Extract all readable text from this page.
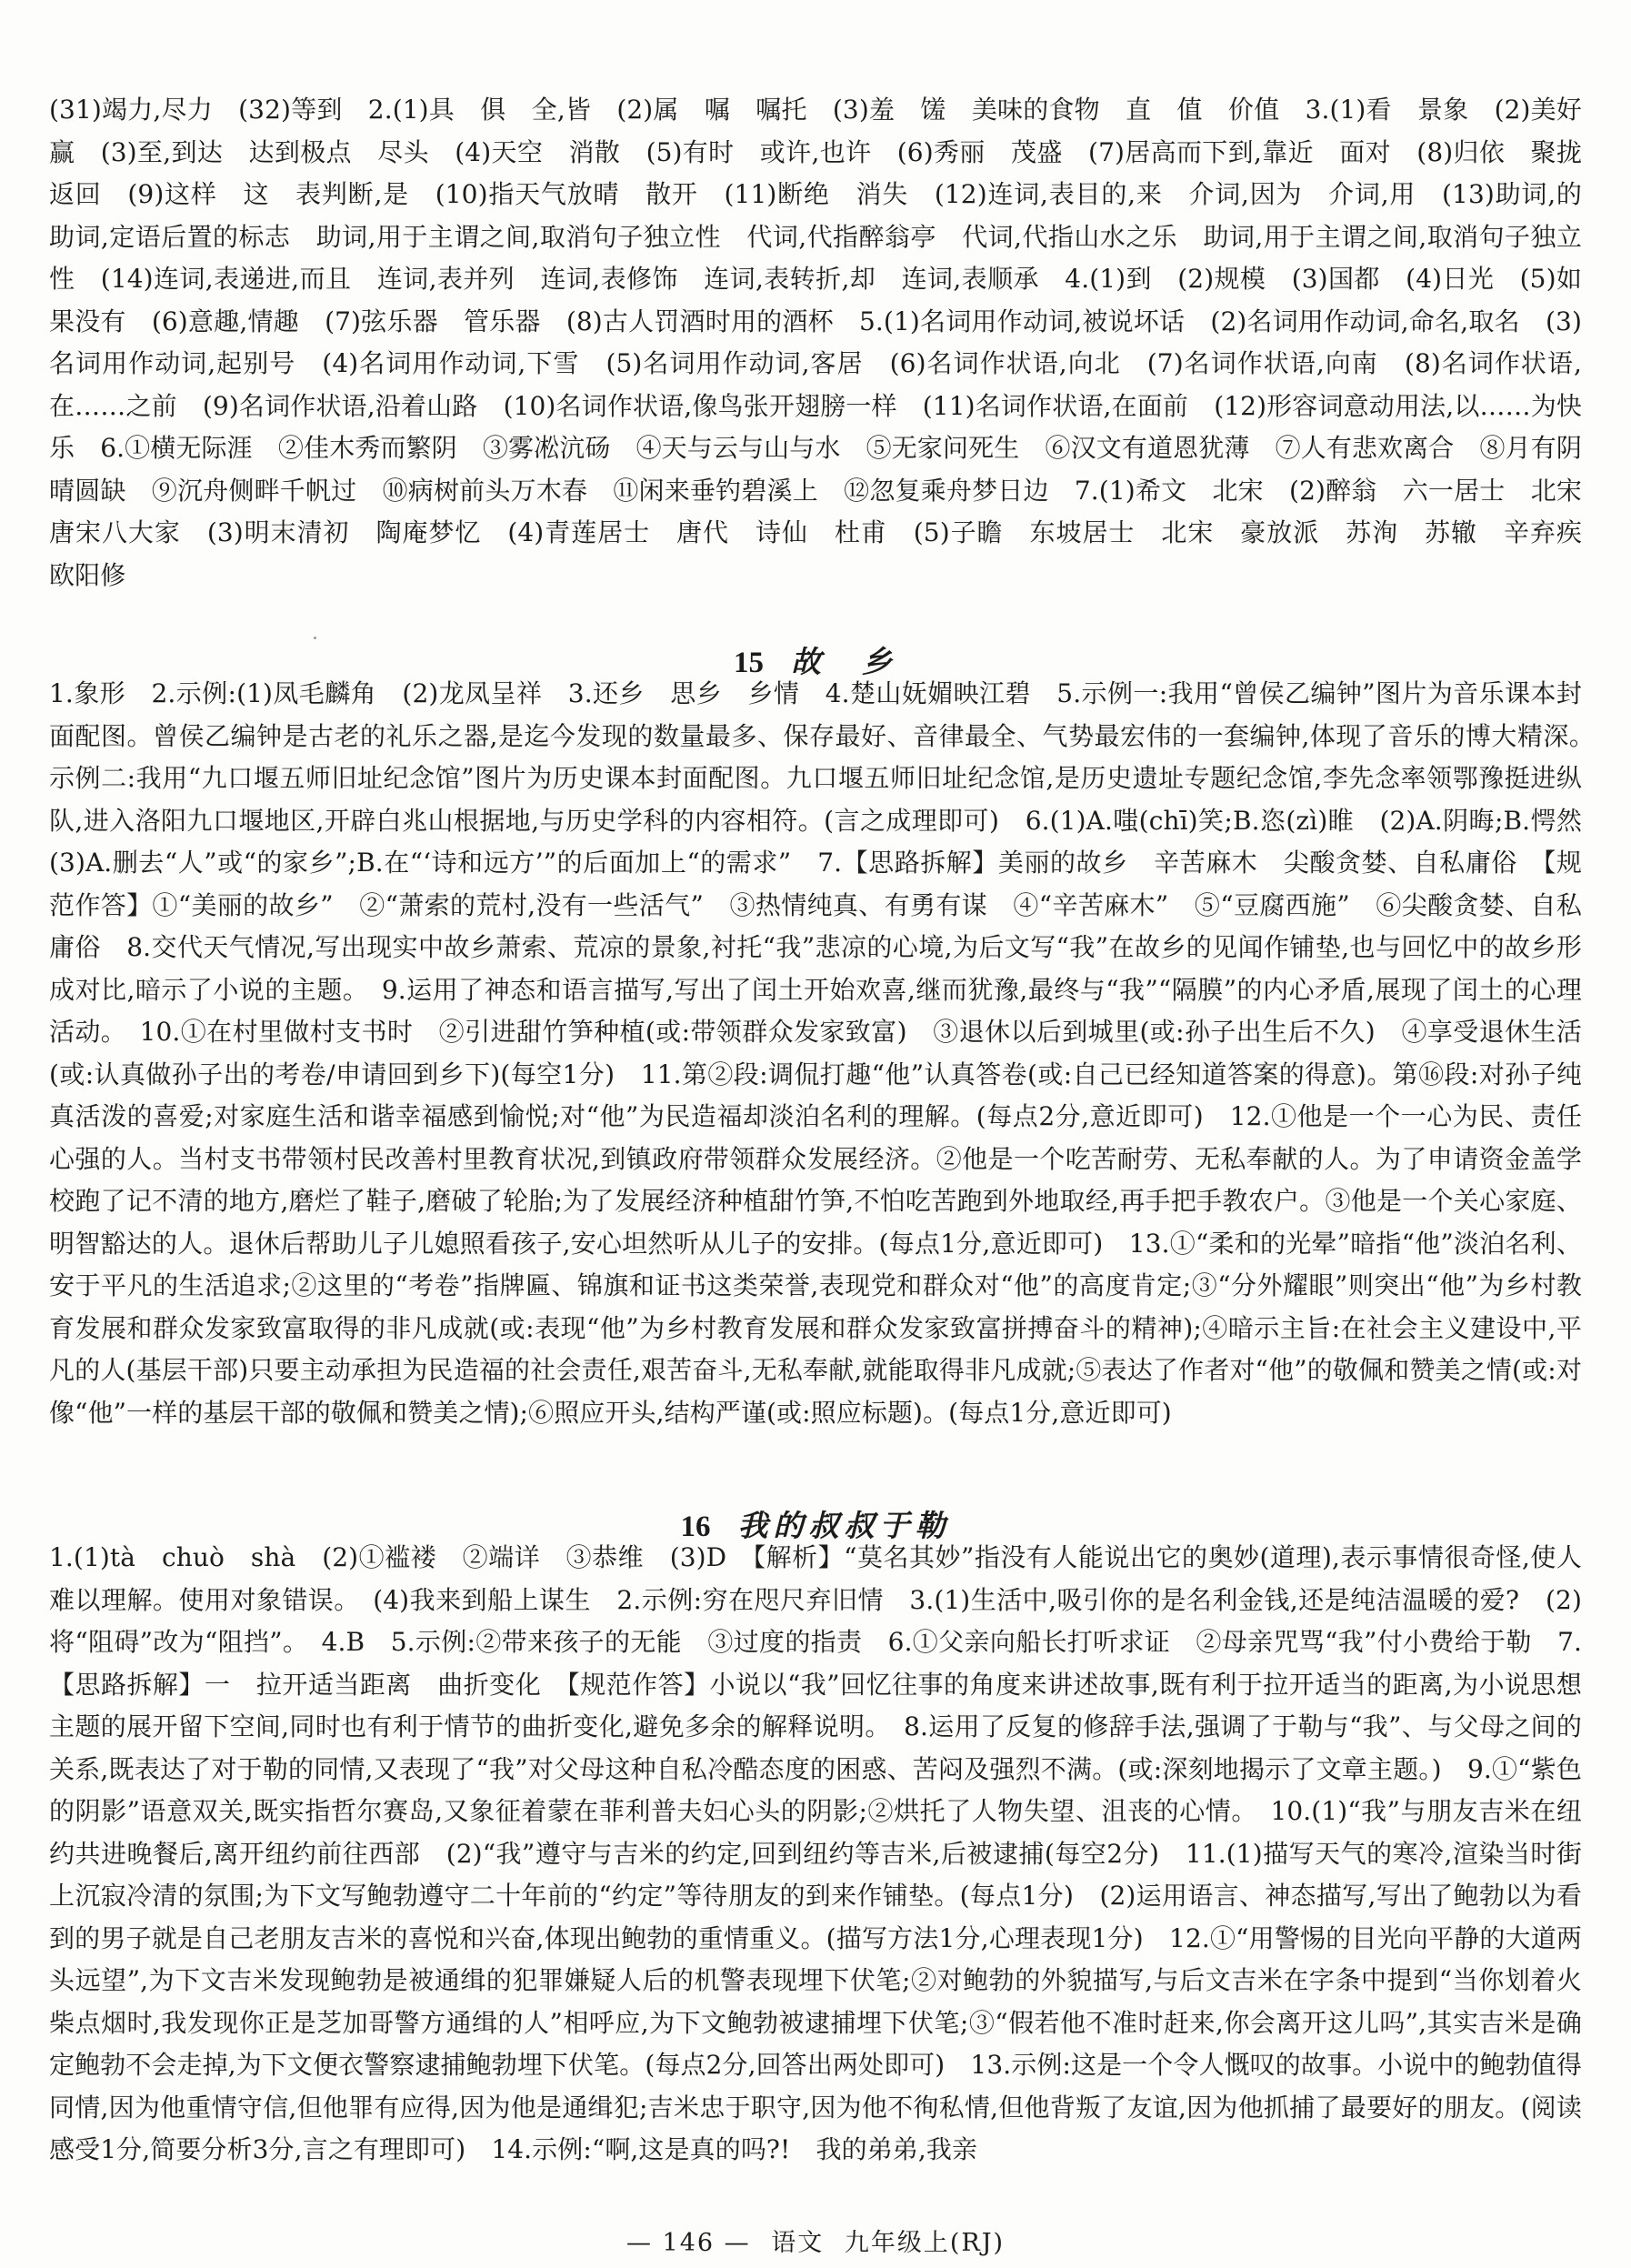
(31)竭力,尽力　(32)等到　2.(1)具　俱　全,皆　(2)属　嘱　嘱托　(3)羞　馐　美味的食物　直　值　价值　3.(1)看　景象　(2)美好　赢　(3)至,到达　达到极点　尽头　(4)天空　消散　(5)有时　或许,也许　(6)秀丽　茂盛　(7)居高而下到,靠近　面对　(8)归依　聚拢　返回　(9)这样　这　表判断,是　(10)指天气放晴　散开　(11)断绝　消失　(12)连词,表目的,来　介词,因为　介词,用　(13)助词,的　助词,定语后置的标志　助词,用于主谓之间,取消句子独立性　代词,代指醉翁亭　代词,代指山水之乐　助词,用于主谓之间,取消句子独立性　(14)连词,表递进,而且　连词,表并列　连词,表修饰　连词,表转折,却　连词,表顺承　4.(1)到　(2)规模　(3)国都　(4)日光　(5)如果没有　(6)意趣,情趣　(7)弦乐器　管乐器　(8)古人罚酒时用的酒杯　5.(1)名词用作动词,被说坏话　(2)名词用作动词,命名,取名　(3)名词用作动词,起别号　(4)名词用作动词,下雪　(5)名词用作动词,客居　(6)名词作状语,向北　(7)名词作状语,向南　(8)名词作状语,在……之前　(9)名词作状语,沿着山路　(10)名词作状语,像鸟张开翅膀一样　(11)名词作状语,在面前　(12)形容词意动用法,以……为快乐　6.①横无际涯　②佳木秀而繁阴　③雾凇沆砀　④天与云与山与水　⑤无家问死生　⑥汉文有道恩犹薄　⑦人有悲欢离合　⑧月有阴晴圆缺　⑨沉舟侧畔千帆过　⑩病树前头万木春　⑪闲来垂钓碧溪上　⑫忽复乘舟梦日边　7.(1)希文　北宋　(2)醉翁　六一居士　北宋　唐宋八大家　(3)明末清初　陶庵梦忆　(4)青莲居士　唐代　诗仙　杜甫　(5)子瞻　东坡居士　北宋　豪放派　苏洵　苏辙　辛弃疾　欧阳修

15 故　乡

1.象形　2.示例:(1)凤毛麟角　(2)龙凤呈祥　3.还乡　思乡　乡情　4.楚山妩媚映江碧　5.示例一:我用“曾侯乙编钟”图片为音乐课本封面配图。曾侯乙编钟是古老的礼乐之器,是迄今发现的数量最多、保存最好、音律最全、气势最宏伟的一套编钟,体现了音乐的博大精深。　示例二:我用“九口堰五师旧址纪念馆”图片为历史课本封面配图。九口堰五师旧址纪念馆,是历史遗址专题纪念馆,李先念率领鄂豫挺进纵队,进入洛阳九口堰地区,开辟白兆山根据地,与历史学科的内容相符。(言之成理即可)　6.(1)A.嗤(chī)笑;B.恣(zì)睢　(2)A.阴晦;B.愕然　(3)A.删去“人”或“的家乡”;B.在“‘诗和远方’”的后面加上“的需求”　7.【思路拆解】美丽的故乡　辛苦麻木　尖酸贪婪、自私庸俗　【规范作答】①“美丽的故乡”　②“萧索的荒村,没有一些活气”　③热情纯真、有勇有谋　④“辛苦麻木”　⑤“豆腐西施”　⑥尖酸贪婪、自私庸俗　8.交代天气情况,写出现实中故乡萧索、荒凉的景象,衬托“我”悲凉的心境,为后文写“我”在故乡的见闻作铺垫,也与回忆中的故乡形成对比,暗示了小说的主题。　9.运用了神态和语言描写,写出了闰土开始欢喜,继而犹豫,最终与“我”“隔膜”的内心矛盾,展现了闰土的心理活动。　10.①在村里做村支书时　②引进甜竹笋种植(或:带领群众发家致富)　③退休以后到城里(或:孙子出生后不久)　④享受退休生活(或:认真做孙子出的考卷/申请回到乡下)(每空1分)　11.第②段:调侃打趣“他”认真答卷(或:自己已经知道答案的得意)。第⑯段:对孙子纯真活泼的喜爱;对家庭生活和谐幸福感到愉悦;对“他”为民造福却淡泊名利的理解。(每点2分,意近即可)　12.①他是一个一心为民、责任心强的人。当村支书带领村民改善村里教育状况,到镇政府带领群众发展经济。②他是一个吃苦耐劳、无私奉献的人。为了申请资金盖学校跑了记不清的地方,磨烂了鞋子,磨破了轮胎;为了发展经济种植甜竹笋,不怕吃苦跑到外地取经,再手把手教农户。③他是一个关心家庭、明智豁达的人。退休后帮助儿子儿媳照看孩子,安心坦然听从儿子的安排。(每点1分,意近即可)　13.①“柔和的光晕”暗指“他”淡泊名利、安于平凡的生活追求;②这里的“考卷”指牌匾、锦旗和证书这类荣誉,表现党和群众对“他”的高度肯定;③“分外耀眼”则突出“他”为乡村教育发展和群众发家致富取得的非凡成就(或:表现“他”为乡村教育发展和群众发家致富拼搏奋斗的精神);④暗示主旨:在社会主义建设中,平凡的人(基层干部)只要主动承担为民造福的社会责任,艰苦奋斗,无私奉献,就能取得非凡成就;⑤表达了作者对“他”的敬佩和赞美之情(或:对像“他”一样的基层干部的敬佩和赞美之情);⑥照应开头,结构严谨(或:照应标题)。(每点1分,意近即可)

16 我的叔叔于勒

1.(1)tà　chuò　shà　(2)①褴褛　②端详　③恭维　(3)D　【解析】“莫名其妙”指没有人能说出它的奥妙(道理),表示事情很奇怪,使人难以理解。使用对象错误。　(4)我来到船上谋生　2.示例:穷在咫尺弃旧情　3.(1)生活中,吸引你的是名利金钱,还是纯洁温暖的爱?　(2)将“阻碍”改为“阻挡”。　4.B　5.示例:②带来孩子的无能　③过度的指责　6.①父亲向船长打听求证　②母亲咒骂“我”付小费给于勒　7.【思路拆解】一　拉开适当距离　曲折变化　【规范作答】小说以“我”回忆往事的角度来讲述故事,既有利于拉开适当的距离,为小说思想主题的展开留下空间,同时也有利于情节的曲折变化,避免多余的解释说明。　8.运用了反复的修辞手法,强调了于勒与“我”、与父母之间的关系,既表达了对于勒的同情,又表现了“我”对父母这种自私冷酷态度的困惑、苦闷及强烈不满。(或:深刻地揭示了文章主题。)　9.①“紫色的阴影”语意双关,既实指哲尔赛岛,又象征着蒙在菲利普夫妇心头的阴影;②烘托了人物失望、沮丧的心情。　10.(1)“我”与朋友吉米在纽约共进晚餐后,离开纽约前往西部　(2)“我”遵守与吉米的约定,回到纽约等吉米,后被逮捕(每空2分)　11.(1)描写天气的寒冷,渲染当时街上沉寂冷清的氛围;为下文写鲍勃遵守二十年前的“约定”等待朋友的到来作铺垫。(每点1分)　(2)运用语言、神态描写,写出了鲍勃以为看到的男子就是自己老朋友吉米的喜悦和兴奋,体现出鲍勃的重情重义。(描写方法1分,心理表现1分)　12.①“用警惕的目光向平静的大道两头远望”,为下文吉米发现鲍勃是被通缉的犯罪嫌疑人后的机警表现埋下伏笔;②对鲍勃的外貌描写,与后文吉米在字条中提到“当你划着火柴点烟时,我发现你正是芝加哥警方通缉的人”相呼应,为下文鲍勃被逮捕埋下伏笔;③“假若他不准时赶来,你会离开这儿吗”,其实吉米是确定鲍勃不会走掉,为下文便衣警察逮捕鲍勃埋下伏笔。(每点2分,回答出两处即可)　13.示例:这是一个令人慨叹的故事。小说中的鲍勃值得同情,因为他重情守信,但他罪有应得,因为他是通缉犯;吉米忠于职守,因为他不徇私情,但他背叛了友谊,因为他抓捕了最要好的朋友。(阅读感受1分,简要分析3分,言之有理即可)　14.示例:“啊,这是真的吗?!　我的弟弟,我亲

— 146 — 语文 九年级上(RJ)
